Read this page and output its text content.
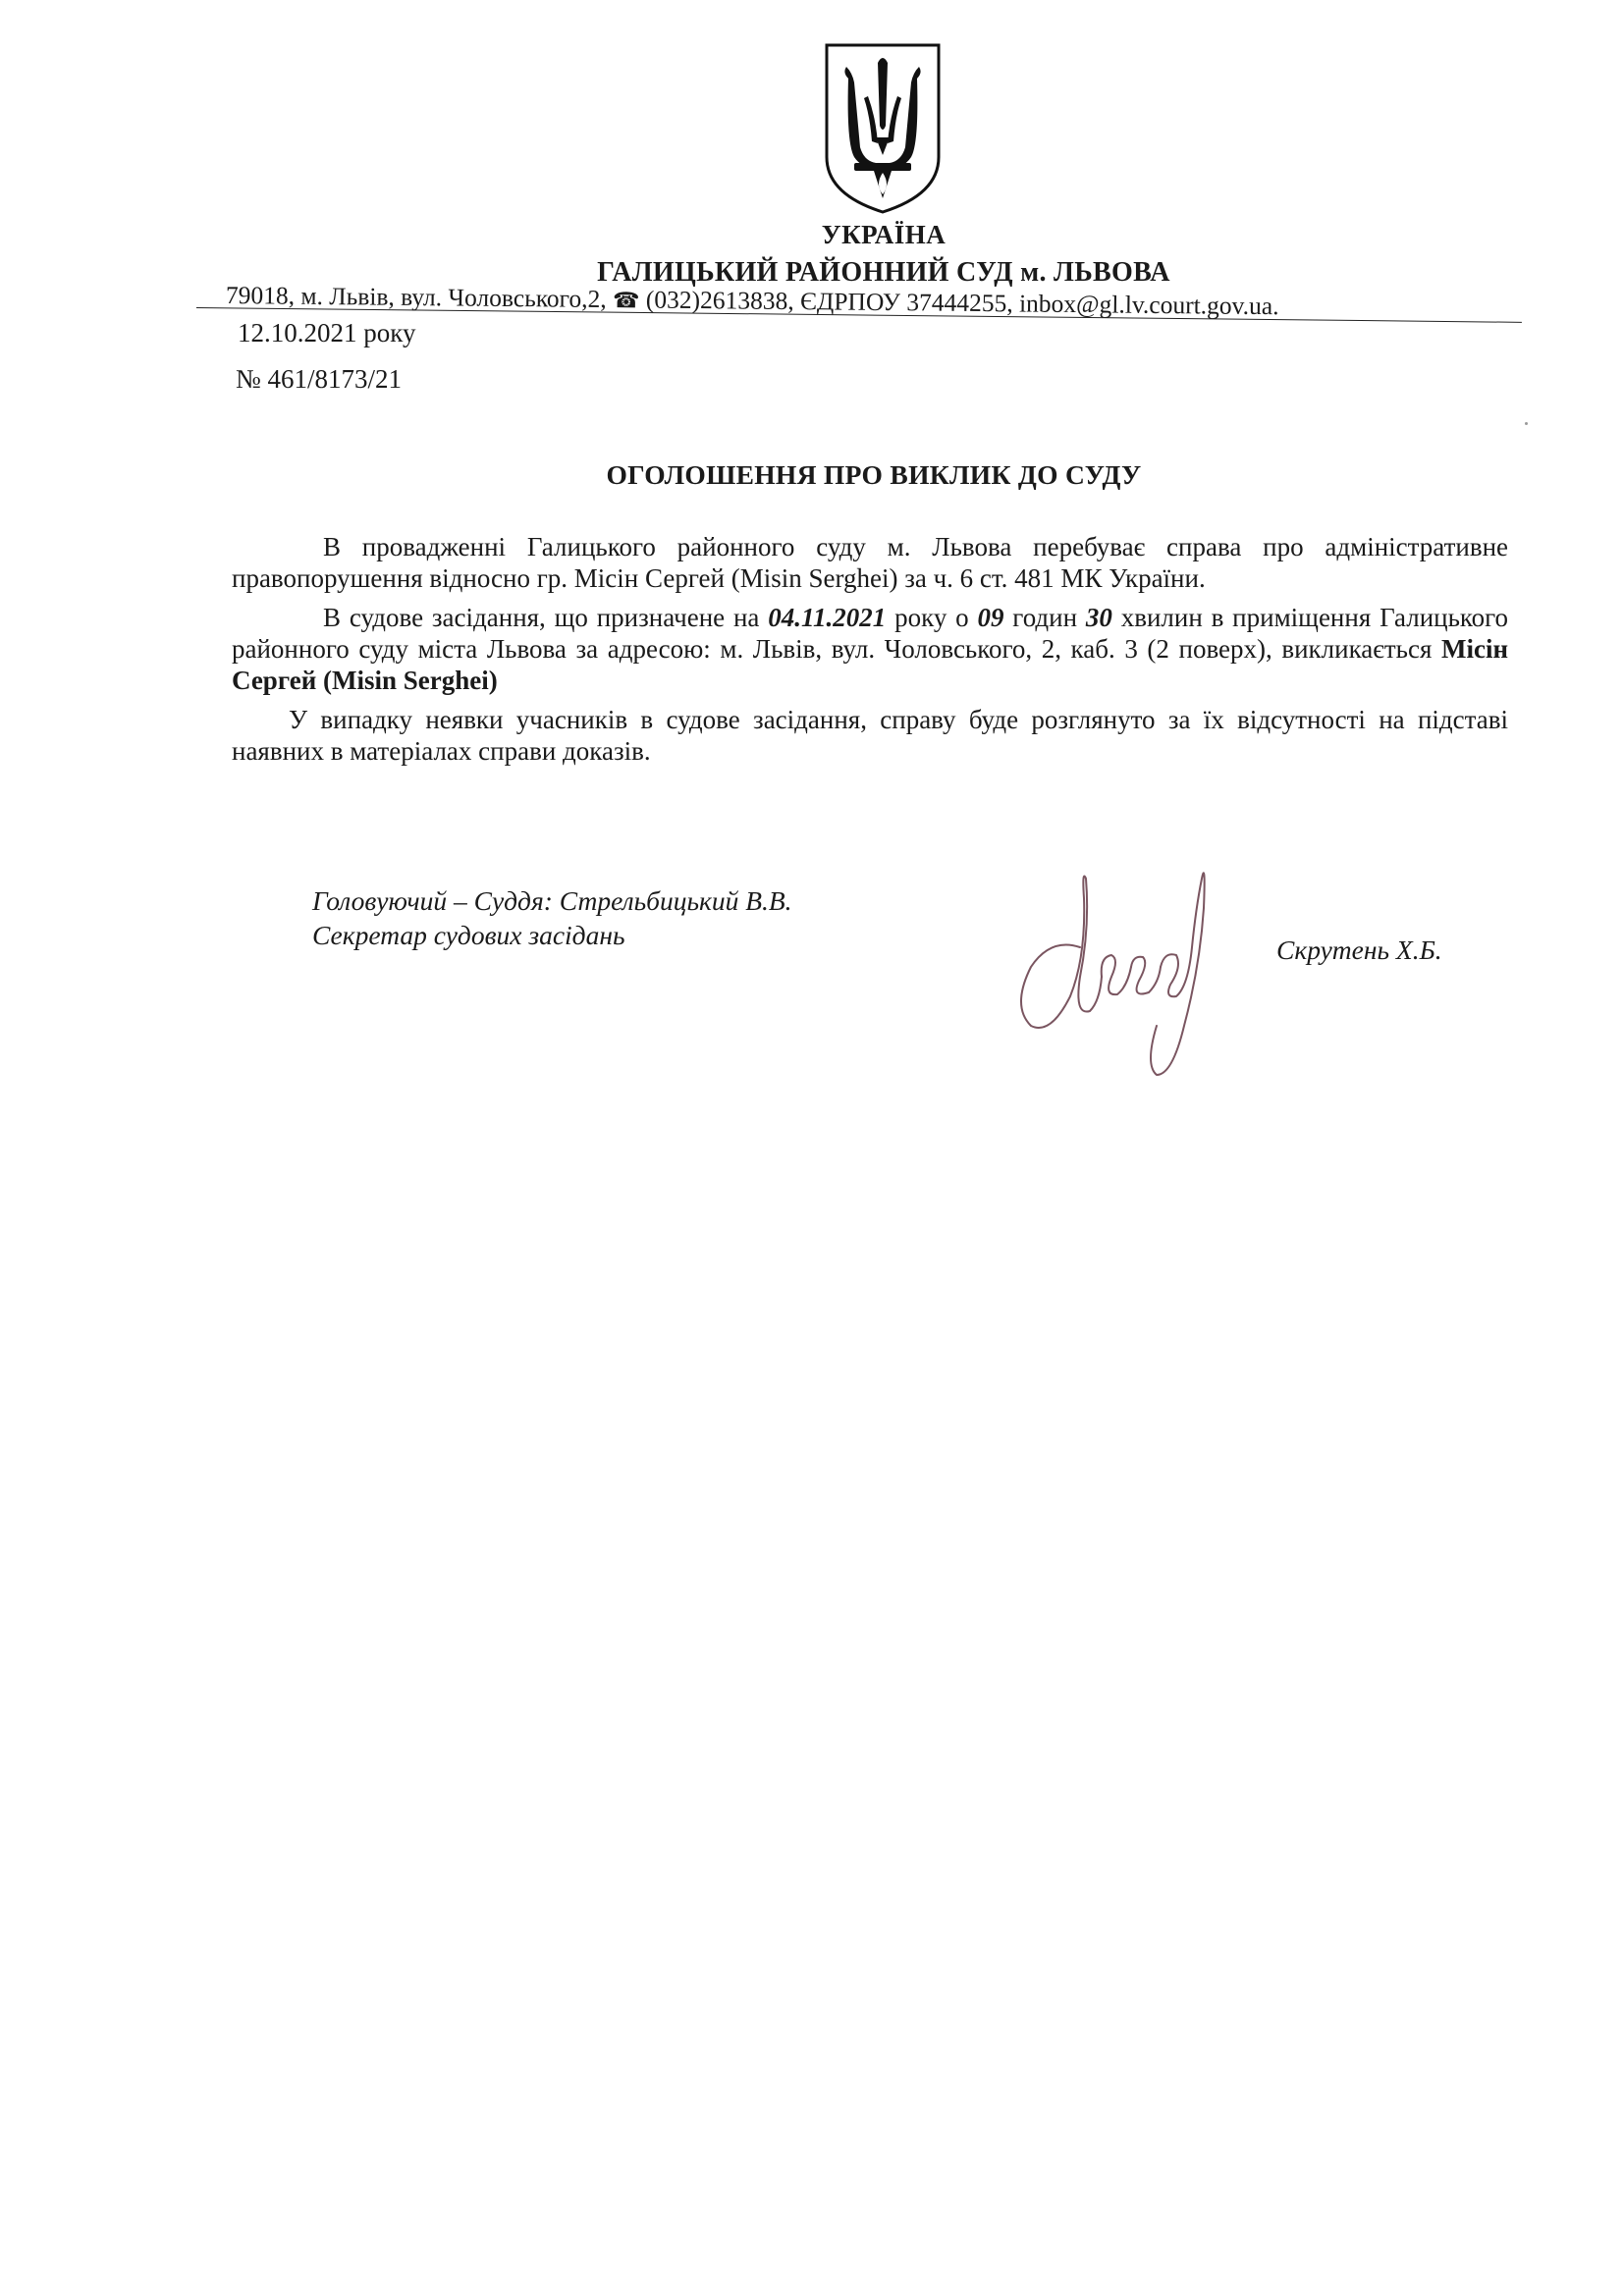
УКРАЇНА
ГАЛИЦЬКИЙ РАЙОННИЙ СУД м. ЛЬВОВА
79018, м. Львів, вул. Чоловського,2, ☎ (032)2613838, ЄДРПОУ 37444255, inbox@gl.lv.court.gov.ua.
12.10.2021 року
№ 461/8173/21
ОГОЛОШЕННЯ ПРО ВИКЛИК ДО СУДУ

В провадженні Галицького районного суду м. Львова перебуває справа про адміністративне правопорушення відносно гр. Місін Сергей (Misin Serghei) за ч. 6 ст. 481 МК України.

В судове засідання, що призначене на 04.11.2021 року о 09 годин 30 хвилин в приміщення Галицького районного суду міста Львова за адресою: м. Львів, вул. Чоловського, 2, каб. 3 (2 поверх), викликається Місін Сергей (Misin Serghei)

У випадку неявки учасників в судове засідання, справу буде розглянуто за їх відсутності на підставі наявних в матеріалах справи доказів.

Головуючий – Суддя: Стрельбицький В.В.
Секретар судових засідань	Скрутень Х.Б.
